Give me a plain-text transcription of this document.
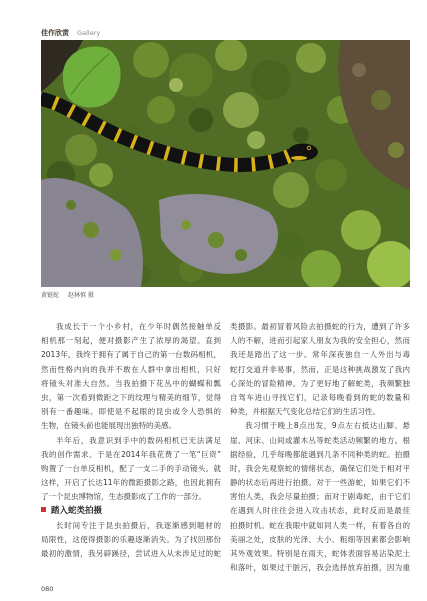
佳作欣赏 Gallery
黄链蛇 赵林慎 摄
我成长于一个小乡村，在少年时偶然接触单反
相机那一刻起，便对摄影产生了浓厚的渴望。直到
2013年，我终于拥有了属于自己的第一台数码相机，
然而性格内向的我并不敢在人群中拿出相机，只好
将镜头对准大自然。当我拍摄下花丛中的蝴蝶和瓢
虫，第一次看到微距之下的纹理与精美的细节，觉得
别有一番趣味。即使是不起眼的昆虫或令人恐惧的
生物，在镜头前也能展现出独特的美感。
半年后，我意识到手中的数码相机已无法满足
我的创作需求。于是在2014年我花费了一笔“巨资”
购置了一台单反相机，配了一支二手的手动镜头。就
这样，开启了长达11年的微距摄影之路，也因此拥有
了一个昆虫博物馆，生态摄影成了工作的一部分。
踏入蛇类拍摄
长时间专注于昆虫拍摄后，我逐渐感到题材的
局限性，这使得摄影的乐趣逐渐消失。为了找回那份
最初的激情，我另辟蹊径，尝试进入从未涉足过的蛇
类摄影。最初冒着风险去拍摄蛇的行为，遭到了许多
人的不解，进而引起家人朋友为我的安全担心，然而
我还是踏出了这一步。常年深夜独自一人外出与毒
蛇打交道并非易事，然而，正是这种挑战激发了我内
心深处的冒险精神。为了更好地了解蛇类，我频繁独
自驾车进山寻找它们，记录每晚看到的蛇的数量和
种类，并根据天气变化总结它们的生活习性。
我习惯于晚上8点出发，9点左右抵达山脚、悬
崖、河床、山间或灌木丛等蛇类活动频繁的地方。根
据经验，几乎每晚都能遇到几条不同种类的蛇。拍摄
时，我会先观察蛇的情绪状态，确保它们处于相对平
静的状态后再进行拍摄。对于一些游蛇，如果它们不
害怕人类，我会尽量拍摄；而对于剧毒蛇，由于它们
在遇到人时往往会进入攻击状态，此时反而是最佳
拍摄时机。蛇在我眼中就如同人类一样，有着各自的
美丽之处，皮肤的光泽、大小、粗细等因素都会影响
其外观效果。特别是在雨天，蛇体表面容易沾染泥土
和落叶，如果过于脏污，我会选择放弃拍摄，因为重
080
